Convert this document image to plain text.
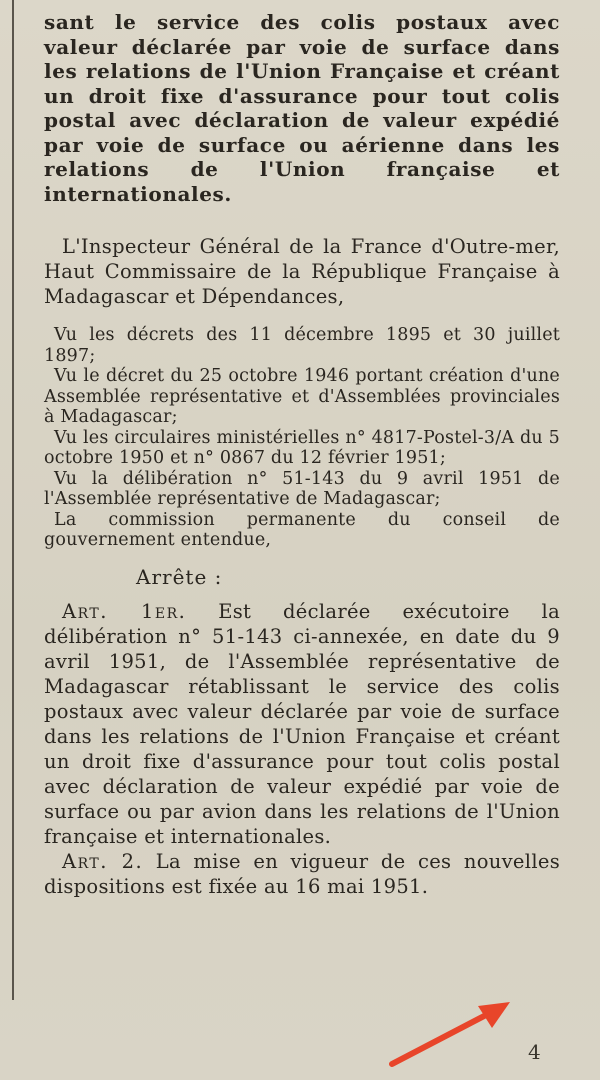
sant le service des colis postaux avec valeur déclarée par voie de surface dans les relations de l'Union Française et créant un droit fixe d'assurance pour tout colis postal avec déclaration de valeur expédié par voie de surface ou aérienne dans les relations de l'Union française et internationales.

L'Inspecteur Général de la France d'Outre-mer, Haut Commissaire de la République Française à Madagascar et Dépendances,

Vu les décrets des 11 décembre 1895 et 30 juillet 1897;

Vu le décret du 25 octobre 1946 portant création d'une Assemblée représentative et d'Assemblées provinciales à Madagascar;

Vu les circulaires ministérielles n° 4817-Postel-3/A du 5 octobre 1950 et n° 0867 du 12 février 1951;

Vu la délibération n° 51-143 du 9 avril 1951 de l'Assemblée représentative de Madagascar;

La commission permanente du conseil de gouvernement entendue,

Arrête :

Art. 1er. Est déclarée exécutoire la délibération n° 51-143 ci-annexée, en date du 9 avril 1951, de l'Assemblée représentative de Madagascar rétablissant le service des colis postaux avec valeur déclarée par voie de surface dans les relations de l'Union Française et créant un droit fixe d'assurance pour tout colis postal avec déclaration de valeur expédié par voie de surface ou par avion dans les relations de l'Union française et internationales.

Art. 2. La mise en vigueur de ces nouvelles dispositions est fixée au 16 mai 1951.

4
